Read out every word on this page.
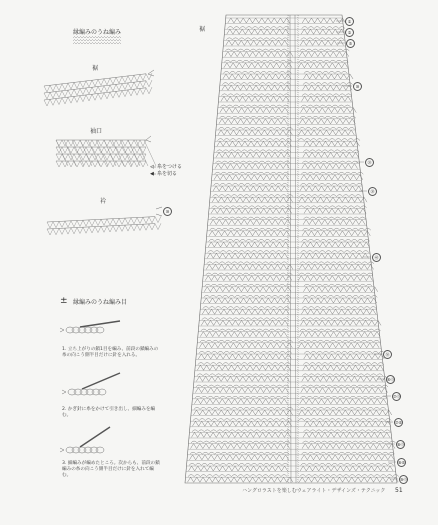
縁編みのうね編み
裾
袖口
衿
裾
◁ 糸をつける
◀ 糸を切る
± 縁編みのうね編み目
1. 立ち上がりの鎖1目を編み、前段の鎖編みの糸の向こう側半目だけに針を入れる。
2. かぎ針に糸をかけて引き出し、細編みを編む。
3. 細編みが編めたところ。次からも、前段の鎖編みの糸の向こう側半目だけに針を入れて編む。
①
②
⑤
⑩
⑳
㉚
㊵
㊿
⑥⓪
⑦⓪
⑦⑤
⑧⓪
⑧⑤
⑨⓪
⑩
ハングロラストを楽しむウェアライト・デザインズ・テクニック 51
